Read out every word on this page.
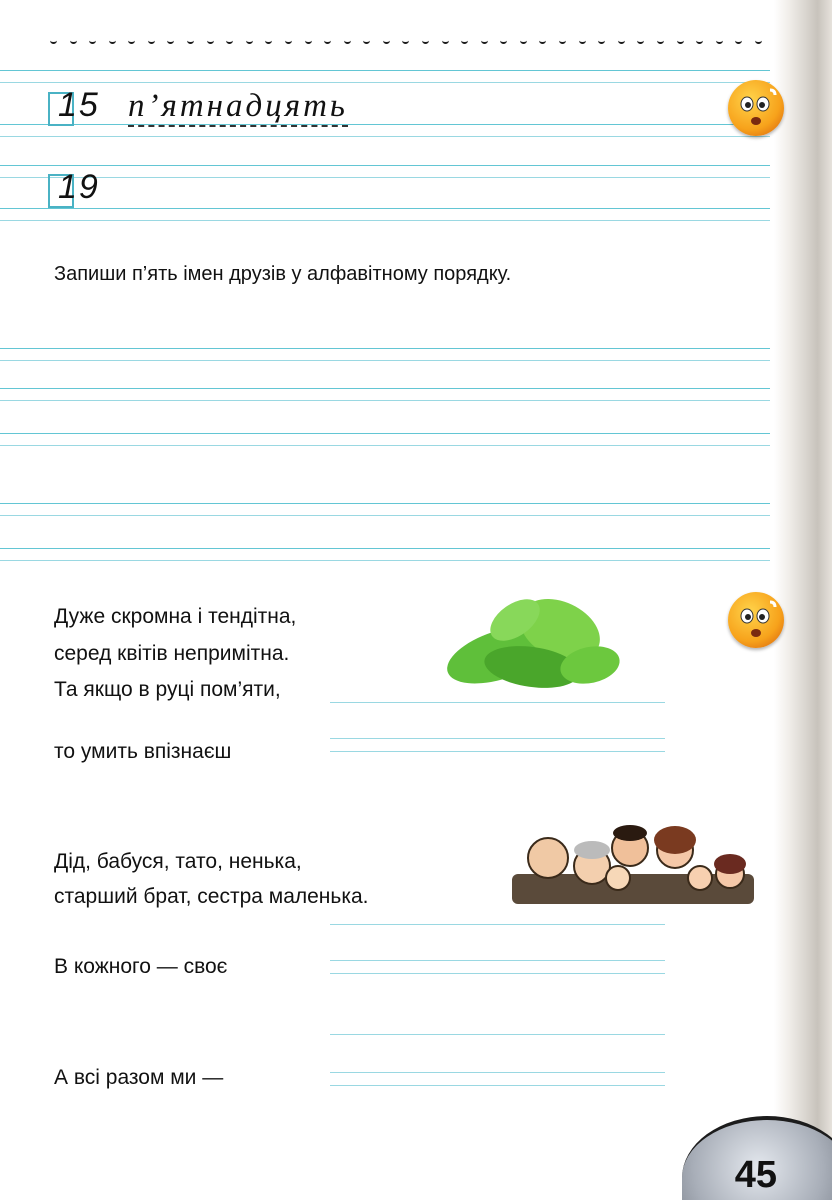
15 п’ятнадцять
19
Запиши п’ять імен друзів у алфавітному порядку.

Дуже скромна і тендітна,

серед квітів непримітна.

Та якщо в руці пом’яти,

то умить впізнаєш

Дід, бабуся, тато, ненька,

старший брат, сестра маленька.

В кожного — своє

А всі разом ми —

45
